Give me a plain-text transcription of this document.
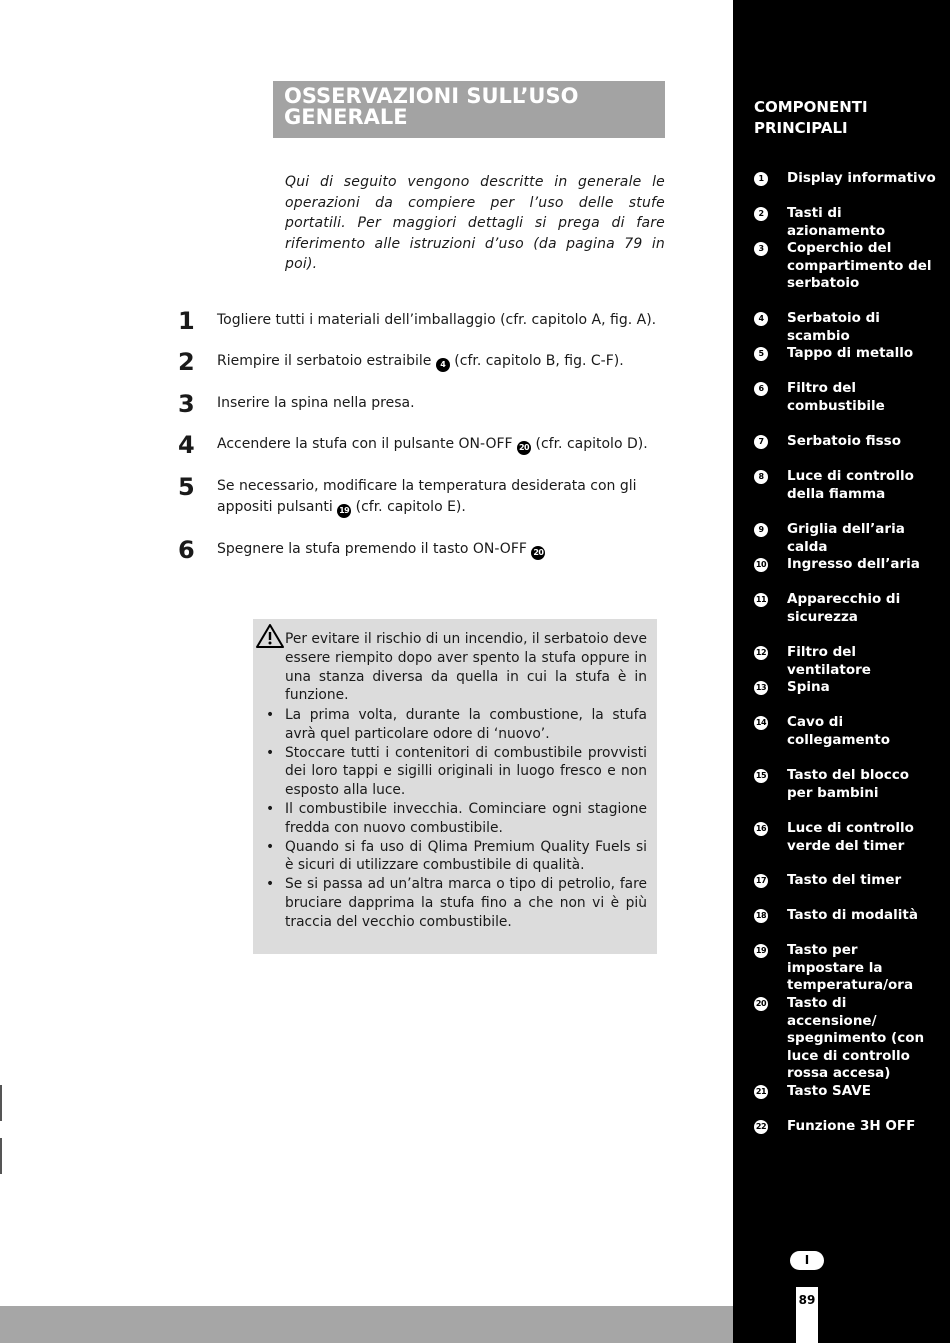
OSSERVAZIONI SULL’USO
GENERALE
Qui di seguito vengono descritte in generale le operazioni da compiere per l’uso delle stufe portatili. Per maggiori dettagli si prega di fare riferimento alle istruzioni d’uso (da pagina 79 in poi).
1	Togliere tutti i materiali dell’imballaggio (cfr. capitolo A, fig. A).
2	Riempire il serbatoio estraibile 4 (cfr. capitolo B, fig. C-F).
3	Inserire la spina nella presa.
4	Accendere la stufa con il pulsante ON-OFF 20 (cfr. capitolo D).
5	Se necessario, modificare la temperatura desiderata con gli appositi pulsanti 19 (cfr. capitolo E).
6	Spegnere la stufa premendo il tasto ON-OFF 20
Per evitare il rischio di un incendio, il serbatoio deve essere riempito dopo aver spento la stufa oppure in una stanza diversa da quella in cui la stufa è in funzione.
• La prima volta, durante la combustione, la stufa avrà quel particolare odore di ‘nuovo’.
• Stoccare tutti i contenitori di combustibile provvisti dei loro tappi e sigilli originali in luogo fresco e non esposto alla luce.
• Il combustibile invecchia. Cominciare ogni stagione fredda con nuovo combustibile.
• Quando si fa uso di Qlima Premium Quality Fuels si è sicuri di utilizzare combustibile di qualità.
• Se si passa ad un’altra marca o tipo di petrolio, fare bruciare dapprima la stufa fino a che non vi è più traccia del vecchio combustibile.
COMPONENTI
PRINCIPALI
1	Display informativo
2	Tasti di azionamento
3	Coperchio del compartimento del serbatoio
4	Serbatoio di scambio
5	Tappo di metallo
6	Filtro del combustibile
7	Serbatoio fisso
8	Luce di controllo della fiamma
9	Griglia dell’aria calda
10 Ingresso dell’aria
11 Apparecchio di sicurezza
12 Filtro del ventilatore
13 Spina
14 Cavo di collegamento
15 Tasto del blocco per bambini
16 Luce di controllo verde del timer
17 Tasto del timer
18 Tasto di modalità
19 Tasto per impostare la temperatura/ora
20 Tasto di accensione/ spegnimento (con luce di controllo rossa accesa)
21 Tasto SAVE
22 Funzione 3H OFF
I
89
